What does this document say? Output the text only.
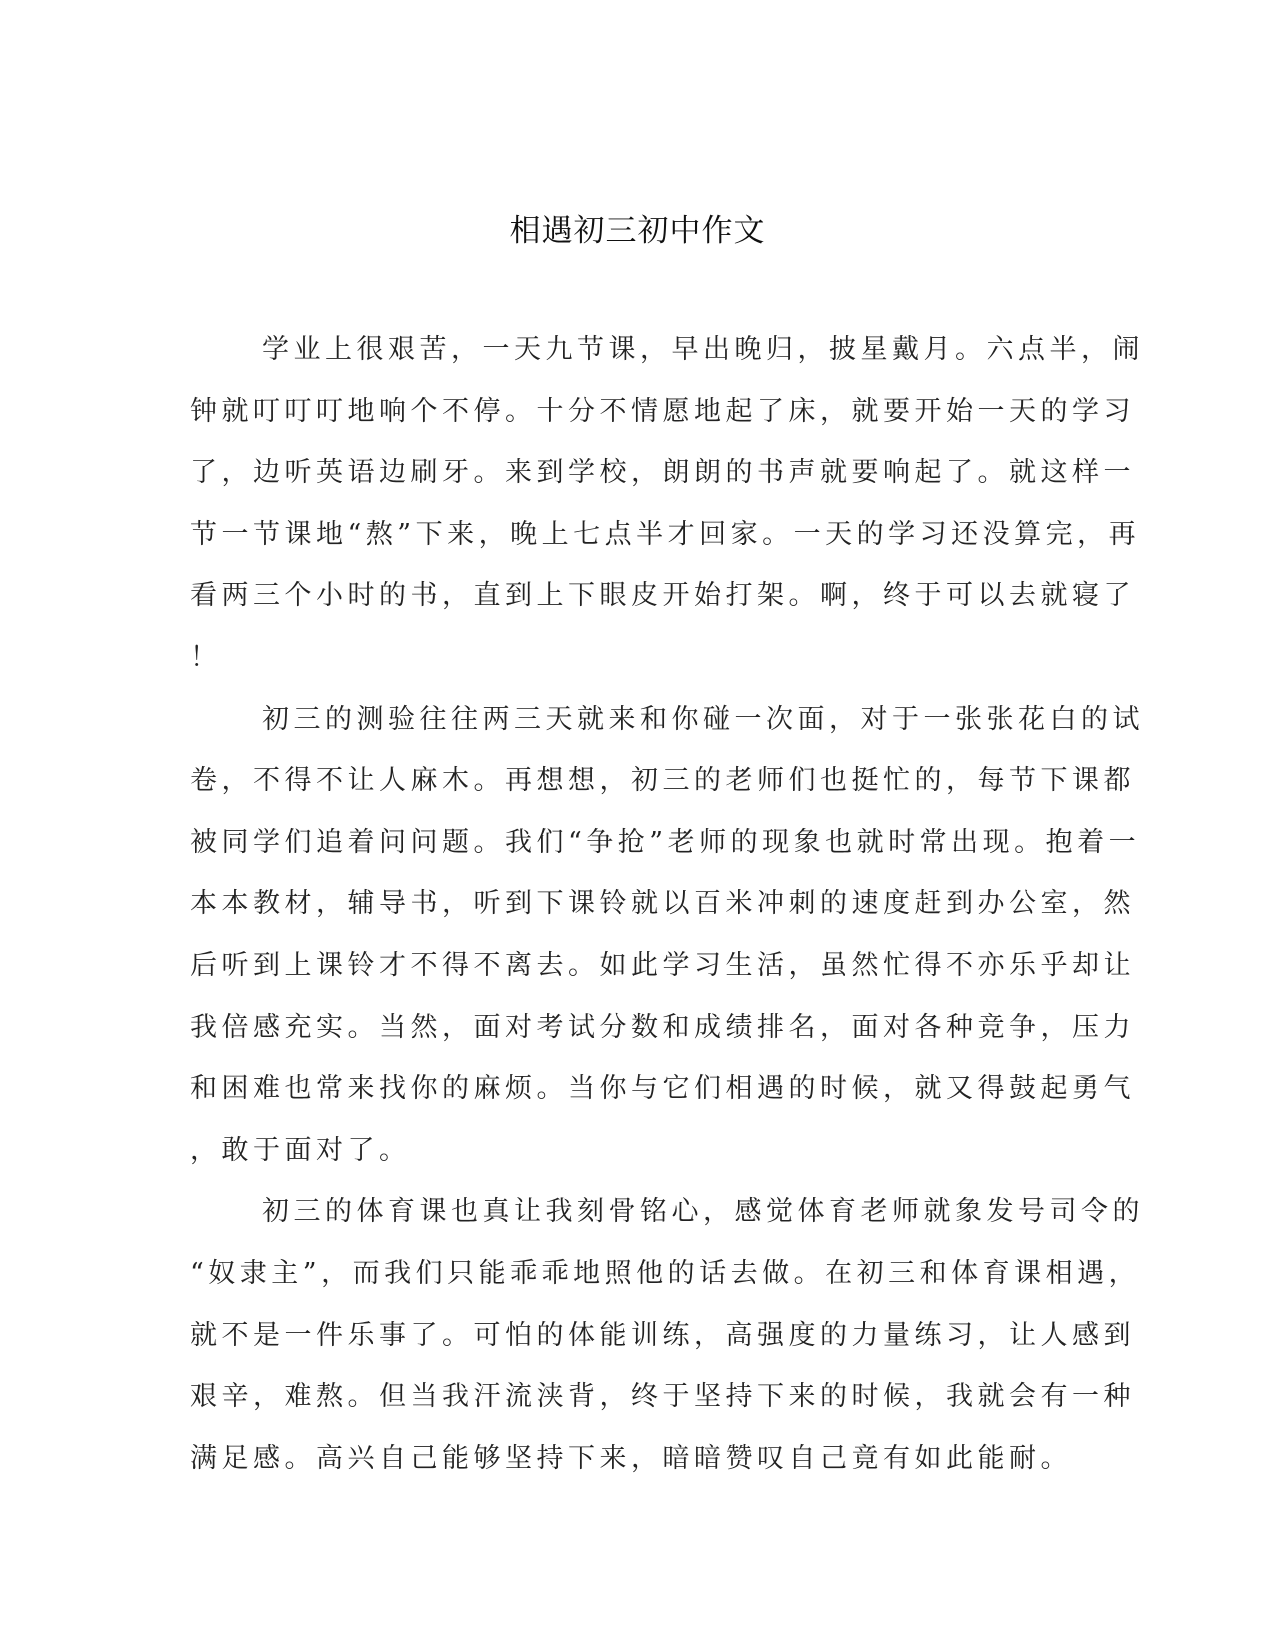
相遇初三初中作文
学业上很艰苦，一天九节课，早出晚归，披星戴月。六点半，闹
钟就叮叮叮地响个不停。十分不情愿地起了床，就要开始一天的学习
了，边听英语边刷牙。来到学校，朗朗的书声就要响起了。就这样一
节一节课地“熬”下来，晚上七点半才回家。一天的学习还没算完，再
看两三个小时的书，直到上下眼皮开始打架。啊，终于可以去就寝了
！
初三的测验往往两三天就来和你碰一次面，对于一张张花白的试
卷，不得不让人麻木。再想想，初三的老师们也挺忙的，每节下课都
被同学们追着问问题。我们“争抢”老师的现象也就时常出现。抱着一
本本教材，辅导书，听到下课铃就以百米冲刺的速度赶到办公室，然
后听到上课铃才不得不离去。如此学习生活，虽然忙得不亦乐乎却让
我倍感充实。当然，面对考试分数和成绩排名，面对各种竞争，压力
和困难也常来找你的麻烦。当你与它们相遇的时候，就又得鼓起勇气
，敢于面对了。
初三的体育课也真让我刻骨铭心，感觉体育老师就象发号司令的
“奴隶主”，而我们只能乖乖地照他的话去做。在初三和体育课相遇，
就不是一件乐事了。可怕的体能训练，高强度的力量练习，让人感到
艰辛，难熬。但当我汗流浃背，终于坚持下来的时候，我就会有一种
满足感。高兴自己能够坚持下来，暗暗赞叹自己竟有如此能耐。
